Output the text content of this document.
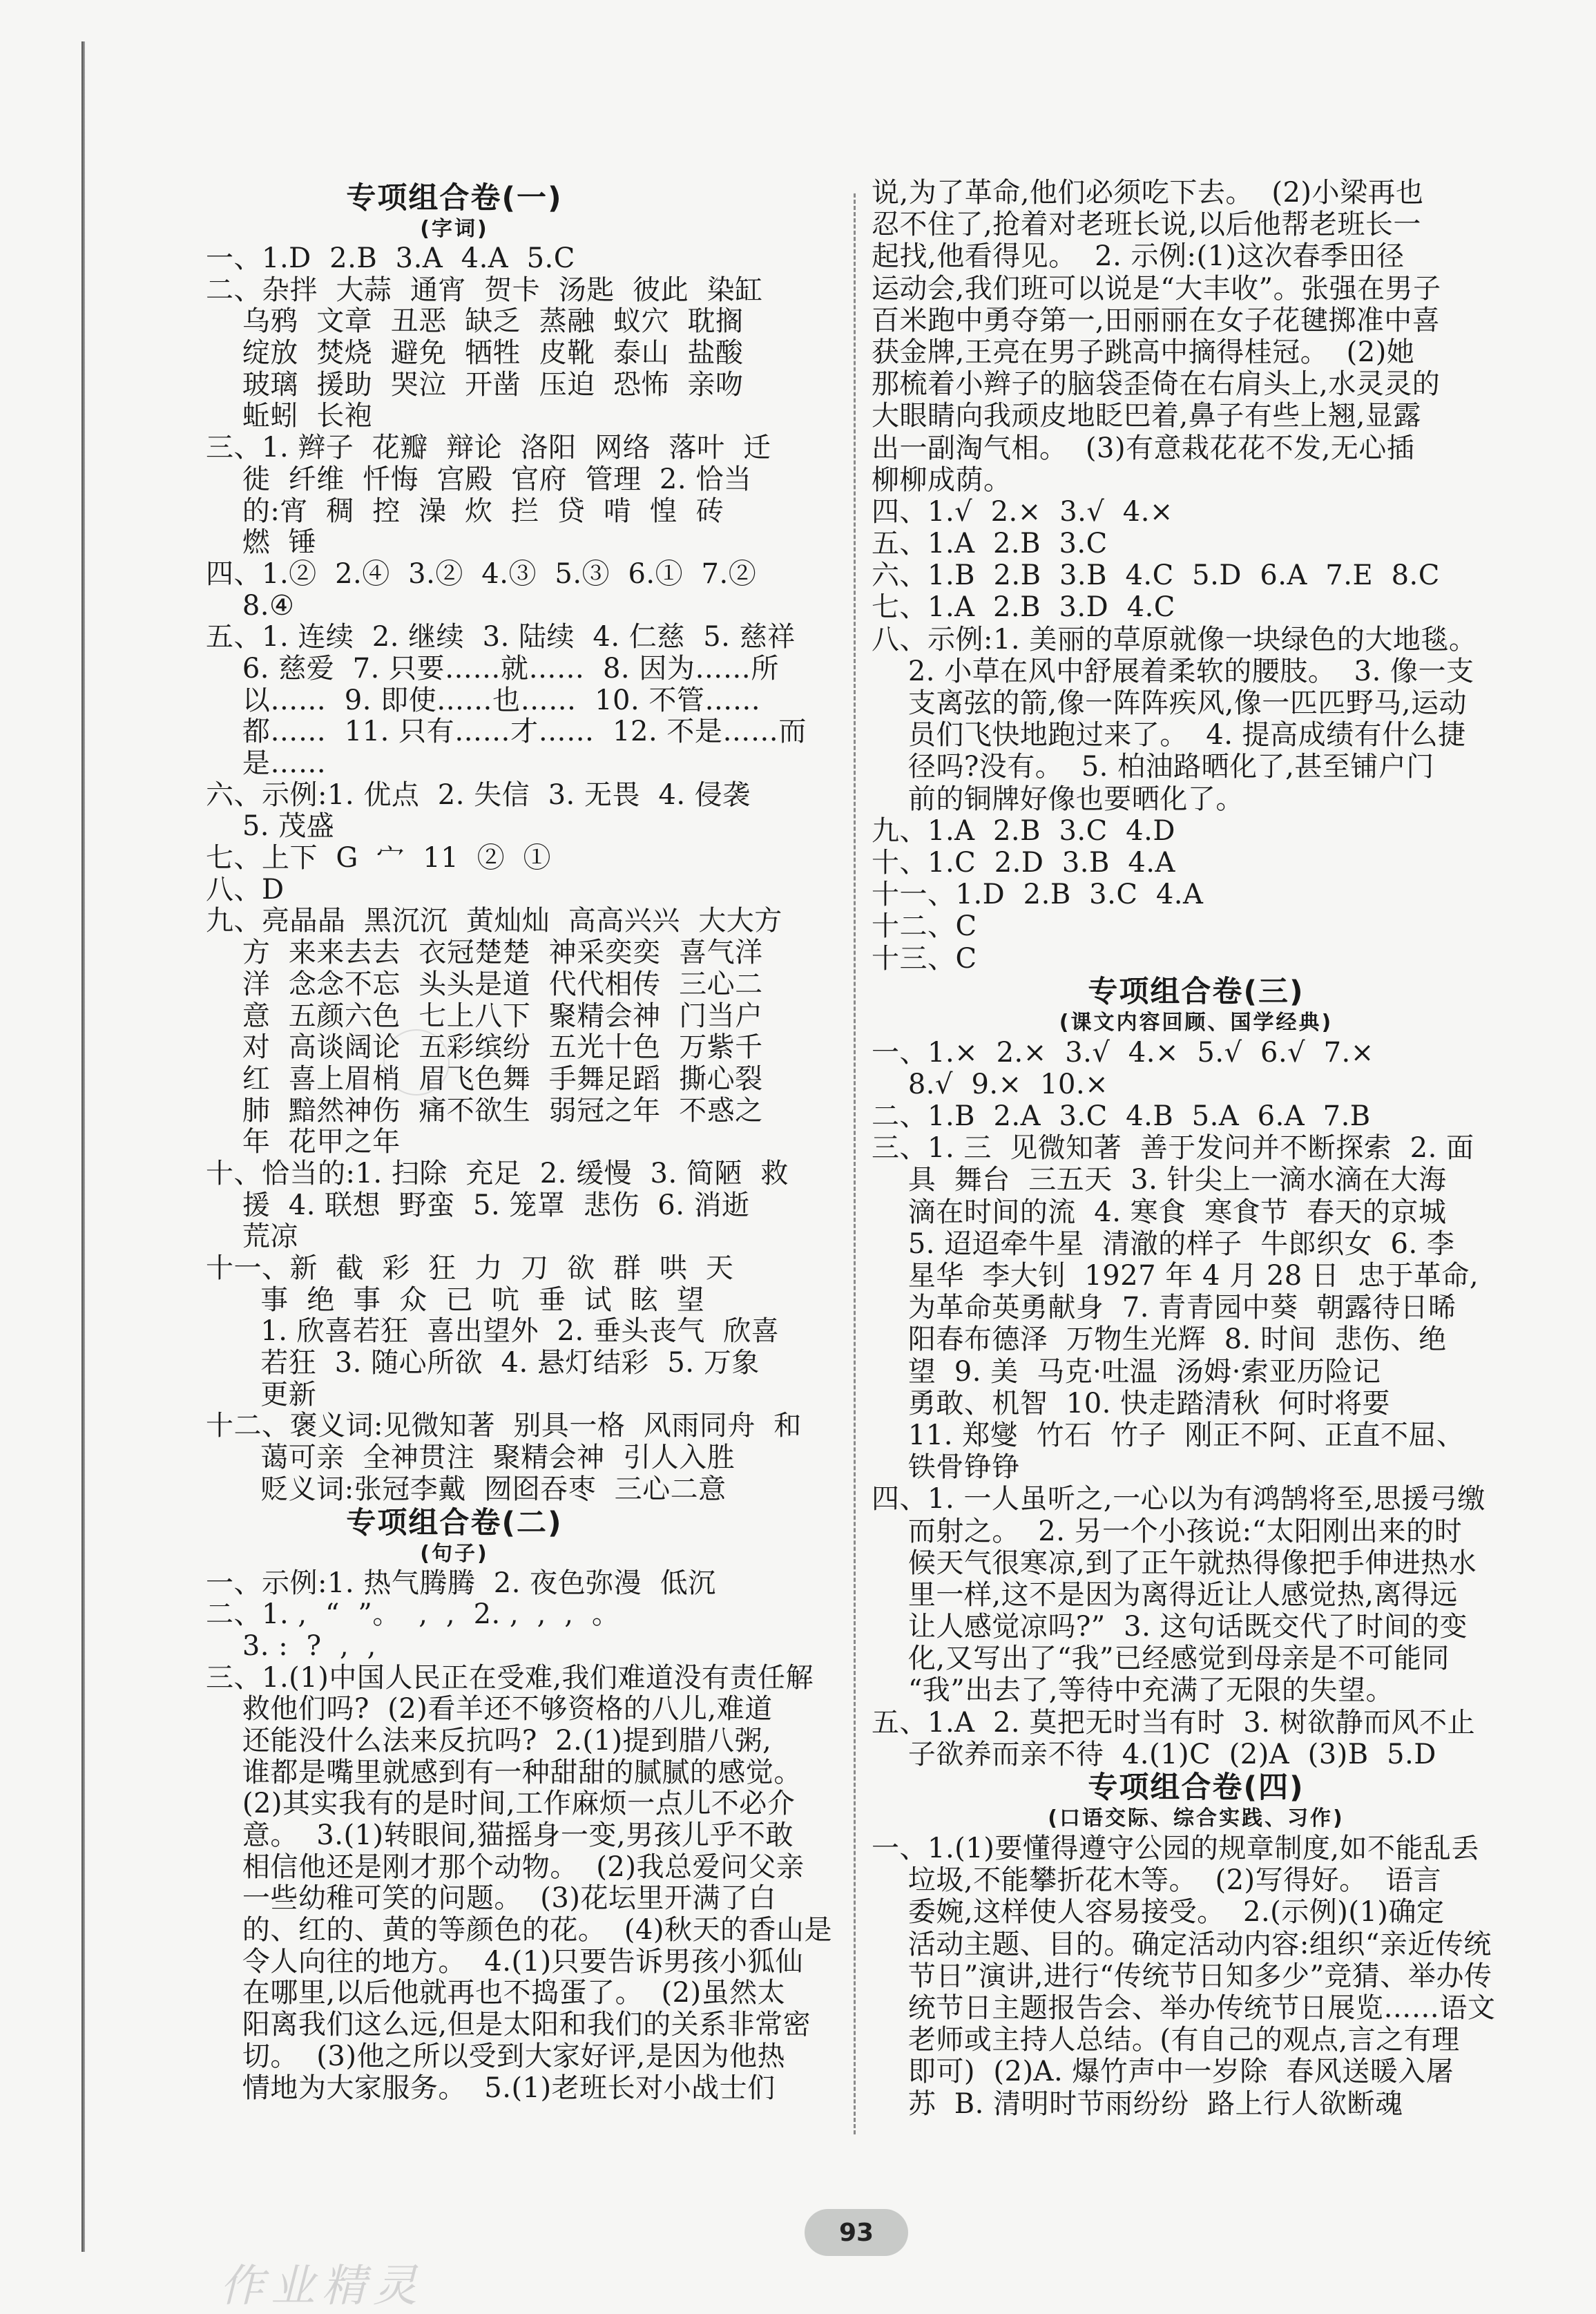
专项组合卷(一)
(字词)
一、1.D  2.B  3.A  4.A  5.C
二、杂拌  大蒜  通宵  贺卡  汤匙  彼此  染缸
乌鸦  文章  丑恶  缺乏  蒸融  蚁穴  耽搁
绽放  焚烧  避免  牺牲  皮靴  泰山  盐酸
玻璃  援助  哭泣  开凿  压迫  恐怖  亲吻
蚯蚓  长袍
三、1. 辫子  花瓣  辩论  洛阳  网络  落叶  迁
徙  纤维  忏悔  宫殿  官府  管理  2. 恰当
的:宵  稠  控  澡  炊  拦  贷  啃  惶  砖
燃  锤
四、1.②  2.④  3.②  4.③  5.③  6.①  7.②
8.④
五、1. 连续  2. 继续  3. 陆续  4. 仁慈  5. 慈祥
6. 慈爱  7. 只要……就……  8. 因为……所
以……  9. 即使……也……  10. 不管……
都……  11. 只有……才……  12. 不是……而
是……
六、示例:1. 优点  2. 失信  3. 无畏  4. 侵袭
5. 茂盛
七、上下  G  宀  11  ②  ①
八、D
九、亮晶晶  黑沉沉  黄灿灿  高高兴兴  大大方
方  来来去去  衣冠楚楚  神采奕奕  喜气洋
洋  念念不忘  头头是道  代代相传  三心二
意  五颜六色  七上八下  聚精会神  门当户
对  高谈阔论  五彩缤纷  五光十色  万紫千
红  喜上眉梢  眉飞色舞  手舞足蹈  撕心裂
肺  黯然神伤  痛不欲生  弱冠之年  不惑之
年  花甲之年
十、恰当的:1. 扫除  充足  2. 缓慢  3. 简陋  救
援  4. 联想  野蛮  5. 笼罩  悲伤  6. 消逝
荒凉
十一、新  截  彩  狂  力  刀  欲  群  哄  天
事  绝  事  众  已  吭  垂  试  眩  望
1. 欣喜若狂  喜出望外  2. 垂头丧气  欣喜
若狂  3. 随心所欲  4. 悬灯结彩  5. 万象
更新
十二、褒义词:见微知著  别具一格  风雨同舟  和
蔼可亲  全神贯注  聚精会神  引人入胜
贬义词:张冠李戴  囫囵吞枣  三心二意
专项组合卷(二)
(句子)
一、示例:1. 热气腾腾  2. 夜色弥漫  低沉
二、1. ,  “  ”。  ,  ,  2. ,  ,  ,  。
3. :  ?  ,  ,
三、1.(1)中国人民正在受难,我们难道没有责任解
救他们吗?  (2)看羊还不够资格的八儿,难道
还能没什么法来反抗吗?  2.(1)提到腊八粥,
谁都是嘴里就感到有一种甜甜的腻腻的感觉。
(2)其实我有的是时间,工作麻烦一点儿不必介
意。  3.(1)转眼间,猫摇身一变,男孩儿乎不敢
相信他还是刚才那个动物。  (2)我总爱问父亲
一些幼稚可笑的问题。  (3)花坛里开满了白
的、红的、黄的等颜色的花。  (4)秋天的香山是
令人向往的地方。  4.(1)只要告诉男孩小狐仙
在哪里,以后他就再也不捣蛋了。  (2)虽然太
阳离我们这么远,但是太阳和我们的关系非常密
切。  (3)他之所以受到大家好评,是因为他热
情地为大家服务。  5.(1)老班长对小战士们
说,为了革命,他们必须吃下去。  (2)小梁再也
忍不住了,抢着对老班长说,以后他帮老班长一
起找,他看得见。  2. 示例:(1)这次春季田径
运动会,我们班可以说是“大丰收”。张强在男子
百米跑中勇夺第一,田丽丽在女子花毽掷准中喜
获金牌,王亮在男子跳高中摘得桂冠。  (2)她
那梳着小辫子的脑袋歪倚在右肩头上,水灵灵的
大眼睛向我顽皮地眨巴着,鼻子有些上翘,显露
出一副淘气相。  (3)有意栽花花不发,无心插
柳柳成荫。
四、1.√  2.×  3.√  4.×
五、1.A  2.B  3.C
六、1.B  2.B  3.B  4.C  5.D  6.A  7.E  8.C
七、1.A  2.B  3.D  4.C
八、示例:1. 美丽的草原就像一块绿色的大地毯。
2. 小草在风中舒展着柔软的腰肢。  3. 像一支
支离弦的箭,像一阵阵疾风,像一匹匹野马,运动
员们飞快地跑过来了。  4. 提高成绩有什么捷
径吗?没有。  5. 柏油路晒化了,甚至铺户门
前的铜牌好像也要晒化了。
九、1.A  2.B  3.C  4.D
十、1.C  2.D  3.B  4.A
十一、1.D  2.B  3.C  4.A
十二、C
十三、C
专项组合卷(三)
(课文内容回顾、国学经典)
一、1.×  2.×  3.√  4.×  5.√  6.√  7.×
8.√  9.×  10.×
二、1.B  2.A  3.C  4.B  5.A  6.A  7.B
三、1. 三  见微知著  善于发问并不断探索  2. 面
具  舞台  三五天  3. 针尖上一滴水滴在大海
滴在时间的流  4. 寒食  寒食节  春天的京城
5. 迢迢牵牛星  清澈的样子  牛郎织女  6. 李
星华  李大钊  1927 年 4 月 28 日  忠于革命,
为革命英勇献身  7. 青青园中葵  朝露待日晞
阳春布德泽  万物生光辉  8. 时间  悲伤、绝
望  9. 美  马克·吐温  汤姆·索亚历险记
勇敢、机智  10. 快走踏清秋  何时将要
11. 郑燮  竹石  竹子  刚正不阿、正直不屈、
铁骨铮铮
四、1. 一人虽听之,一心以为有鸿鹄将至,思援弓缴
而射之。  2. 另一个小孩说:“太阳刚出来的时
候天气很寒凉,到了正午就热得像把手伸进热水
里一样,这不是因为离得近让人感觉热,离得远
让人感觉凉吗?”  3. 这句话既交代了时间的变
化,又写出了“我”已经感觉到母亲是不可能同
“我”出去了,等待中充满了无限的失望。
五、1.A  2. 莫把无时当有时  3. 树欲静而风不止
子欲养而亲不待  4.(1)C  (2)A  (3)B  5.D
专项组合卷(四)
(口语交际、综合实践、习作)
一、1.(1)要懂得遵守公园的规章制度,如不能乱丢
垃圾,不能攀折花木等。  (2)写得好。  语言
委婉,这样使人容易接受。  2.(示例)(1)确定
活动主题、目的。确定活动内容:组织“亲近传统
节日”演讲,进行“传统节日知多少”竞猜、举办传
统节日主题报告会、举办传统节日展览……语文
老师或主持人总结。(有自己的观点,言之有理
即可)  (2)A. 爆竹声中一岁除  春风送暖入屠
苏  B. 清明时节雨纷纷  路上行人欲断魂
93
作业精灵
